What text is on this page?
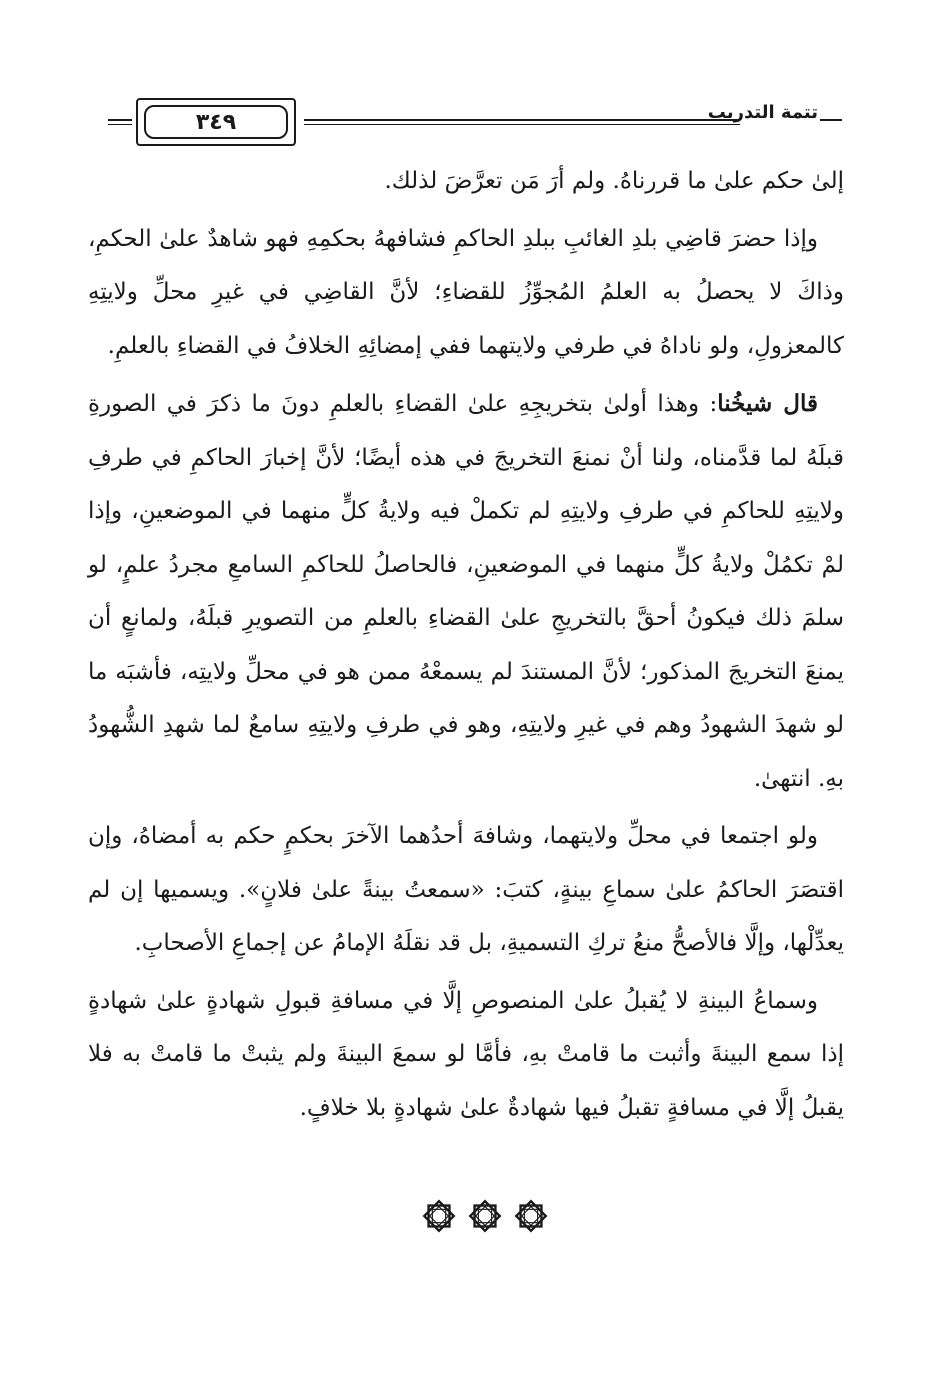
٣٤٩	تتمة التدريب

إلىٰ حكم علىٰ ما قررناهُ. ولم أرَ مَن تعرَّضَ لذلك.

وإذا حضرَ قاضِي بلدِ الغائبِ ببلدِ الحاكمِ فشافههُ بحكمِهِ فهو شاهدٌ علىٰ الحكمِ، وذاكَ لا يحصلُ به العلمُ المُجوِّزُ للقضاءِ؛ لأنَّ القاضِي في غيرِ محلِّ ولايتِهِ كالمعزولِ، ولو ناداهُ في طرفي ولايتهما ففي إمضائِهِ الخلافُ في القضاءِ بالعلمِ.

قال شيخُنا: وهذا أولىٰ بتخريجِهِ علىٰ القضاءِ بالعلمِ دونَ ما ذكرَ في الصورةِ قبلَهُ لما قدَّمناه، ولنا أنْ نمنعَ التخريجَ في هذه أيضًا؛ لأنَّ إخبارَ الحاكمِ في طرفِ ولايتِهِ للحاكمِ في طرفِ ولايتِهِ لم تكملْ فيه ولايةُ كلٍّ منهما في الموضعينِ، وإذا لمْ تكمُلْ ولايةُ كلٍّ منهما في الموضعينِ، فالحاصلُ للحاكمِ السامعِ مجردُ علمٍ، لو سلمَ ذلك فيكونُ أحقَّ بالتخريجِ علىٰ القضاءِ بالعلمِ من التصويرِ قبلَهُ، ولمانعٍ أن يمنعَ التخريجَ المذكور؛ لأنَّ المستندَ لم يسمعْهُ ممن هو في محلِّ ولايتِه، فأشبَه ما لو شهدَ الشهودُ وهم في غيرِ ولايتِهِ، وهو في طرفِ ولايتِهِ سامعٌ لما شهدِ الشُّهودُ بهِ. انتهىٰ.

ولو اجتمعا في محلِّ ولايتهما، وشافهَ أحدُهما الآخرَ بحكمٍ حكم به أمضاهُ، وإن اقتصَرَ الحاكمُ علىٰ سماعِ بينةٍ، كتبَ: «سمعتُ بينةً علىٰ فلانٍ». ويسميها إن لم يعدِّلْها، وإلَّا فالأصحُّ منعُ تركِ التسميةِ، بل قد نقلَهُ الإمامُ عن إجماعِ الأصحابِ.

وسماعُ البينةِ لا يُقبلُ علىٰ المنصوصِ إلَّا في مسافةِ قبولِ شهادةٍ علىٰ شهادةٍ إذا سمع البينةَ وأثبت ما قامتْ بهِ، فأمَّا لو سمعَ البينةَ ولم يثبتْ ما قامتْ به فلا يقبلُ إلَّا في مسافةٍ تقبلُ فيها شهادةٌ علىٰ شهادةٍ بلا خلافٍ.
